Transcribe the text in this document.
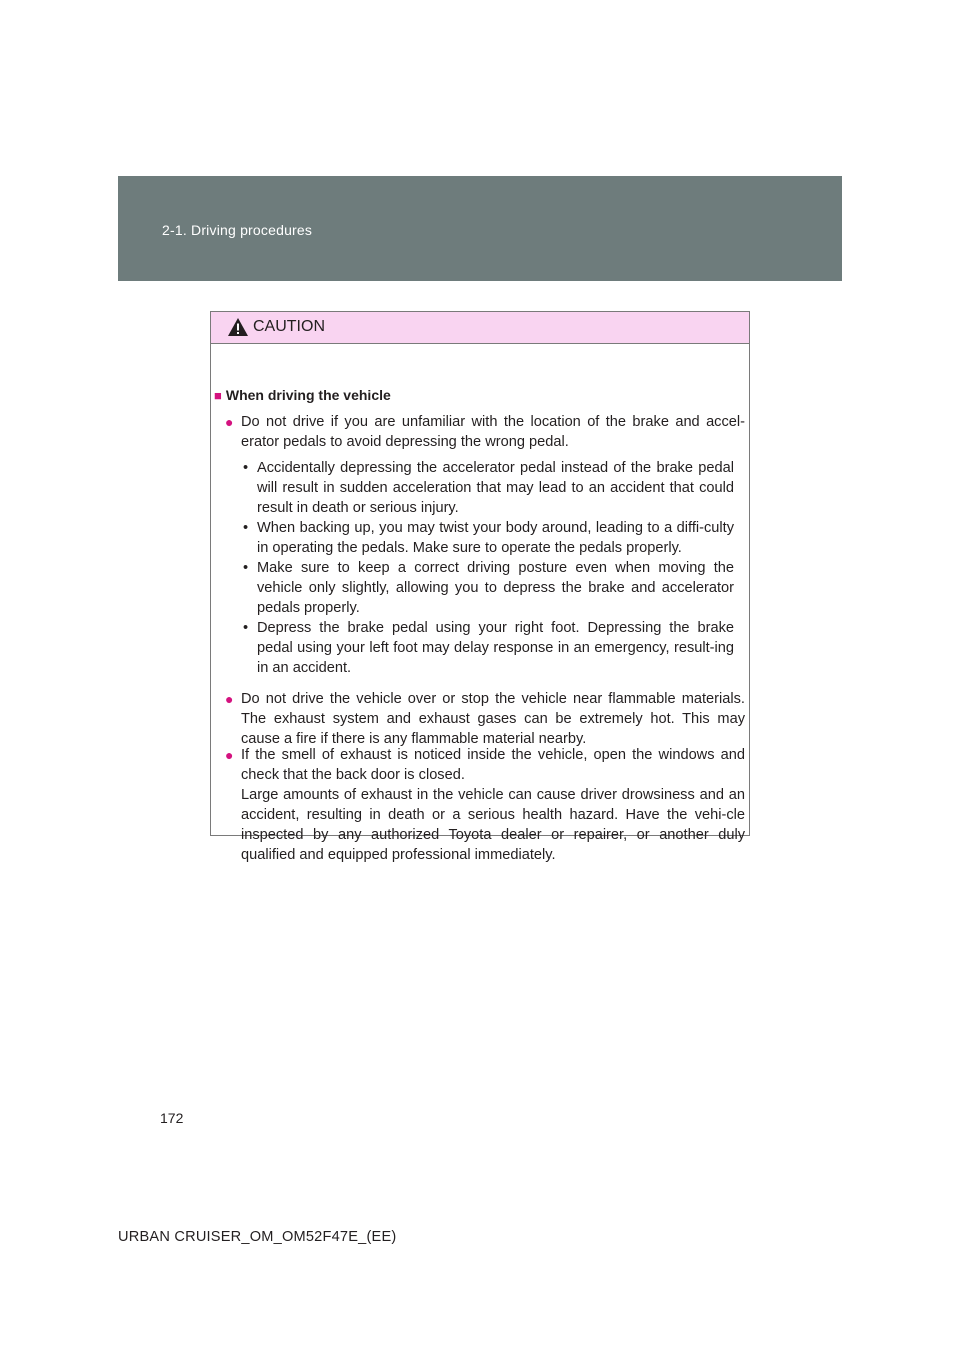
2-1. Driving procedures
CAUTION
■ When driving the vehicle
● Do not drive if you are unfamiliar with the location of the brake and accel-erator pedals to avoid depressing the wrong pedal.
• Accidentally depressing the accelerator pedal instead of the brake pedal will result in sudden acceleration that may lead to an accident that could result in death or serious injury.
• When backing up, you may twist your body around, leading to a diffi-culty in operating the pedals. Make sure to operate the pedals properly.
• Make sure to keep a correct driving posture even when moving the vehicle only slightly, allowing you to depress the brake and accelerator pedals properly.
• Depress the brake pedal using your right foot. Depressing the brake pedal using your left foot may delay response in an emergency, result-ing in an accident.
● Do not drive the vehicle over or stop the vehicle near flammable materials. The exhaust system and exhaust gases can be extremely hot. This may cause a fire if there is any flammable material nearby.
● If the smell of exhaust is noticed inside the vehicle, open the windows and check that the back door is closed.
Large amounts of exhaust in the vehicle can cause driver drowsiness and an accident, resulting in death or a serious health hazard. Have the vehi-cle inspected by any authorized Toyota dealer or repairer, or another duly qualified and equipped professional immediately.
172
URBAN CRUISER_OM_OM52F47E_(EE)
